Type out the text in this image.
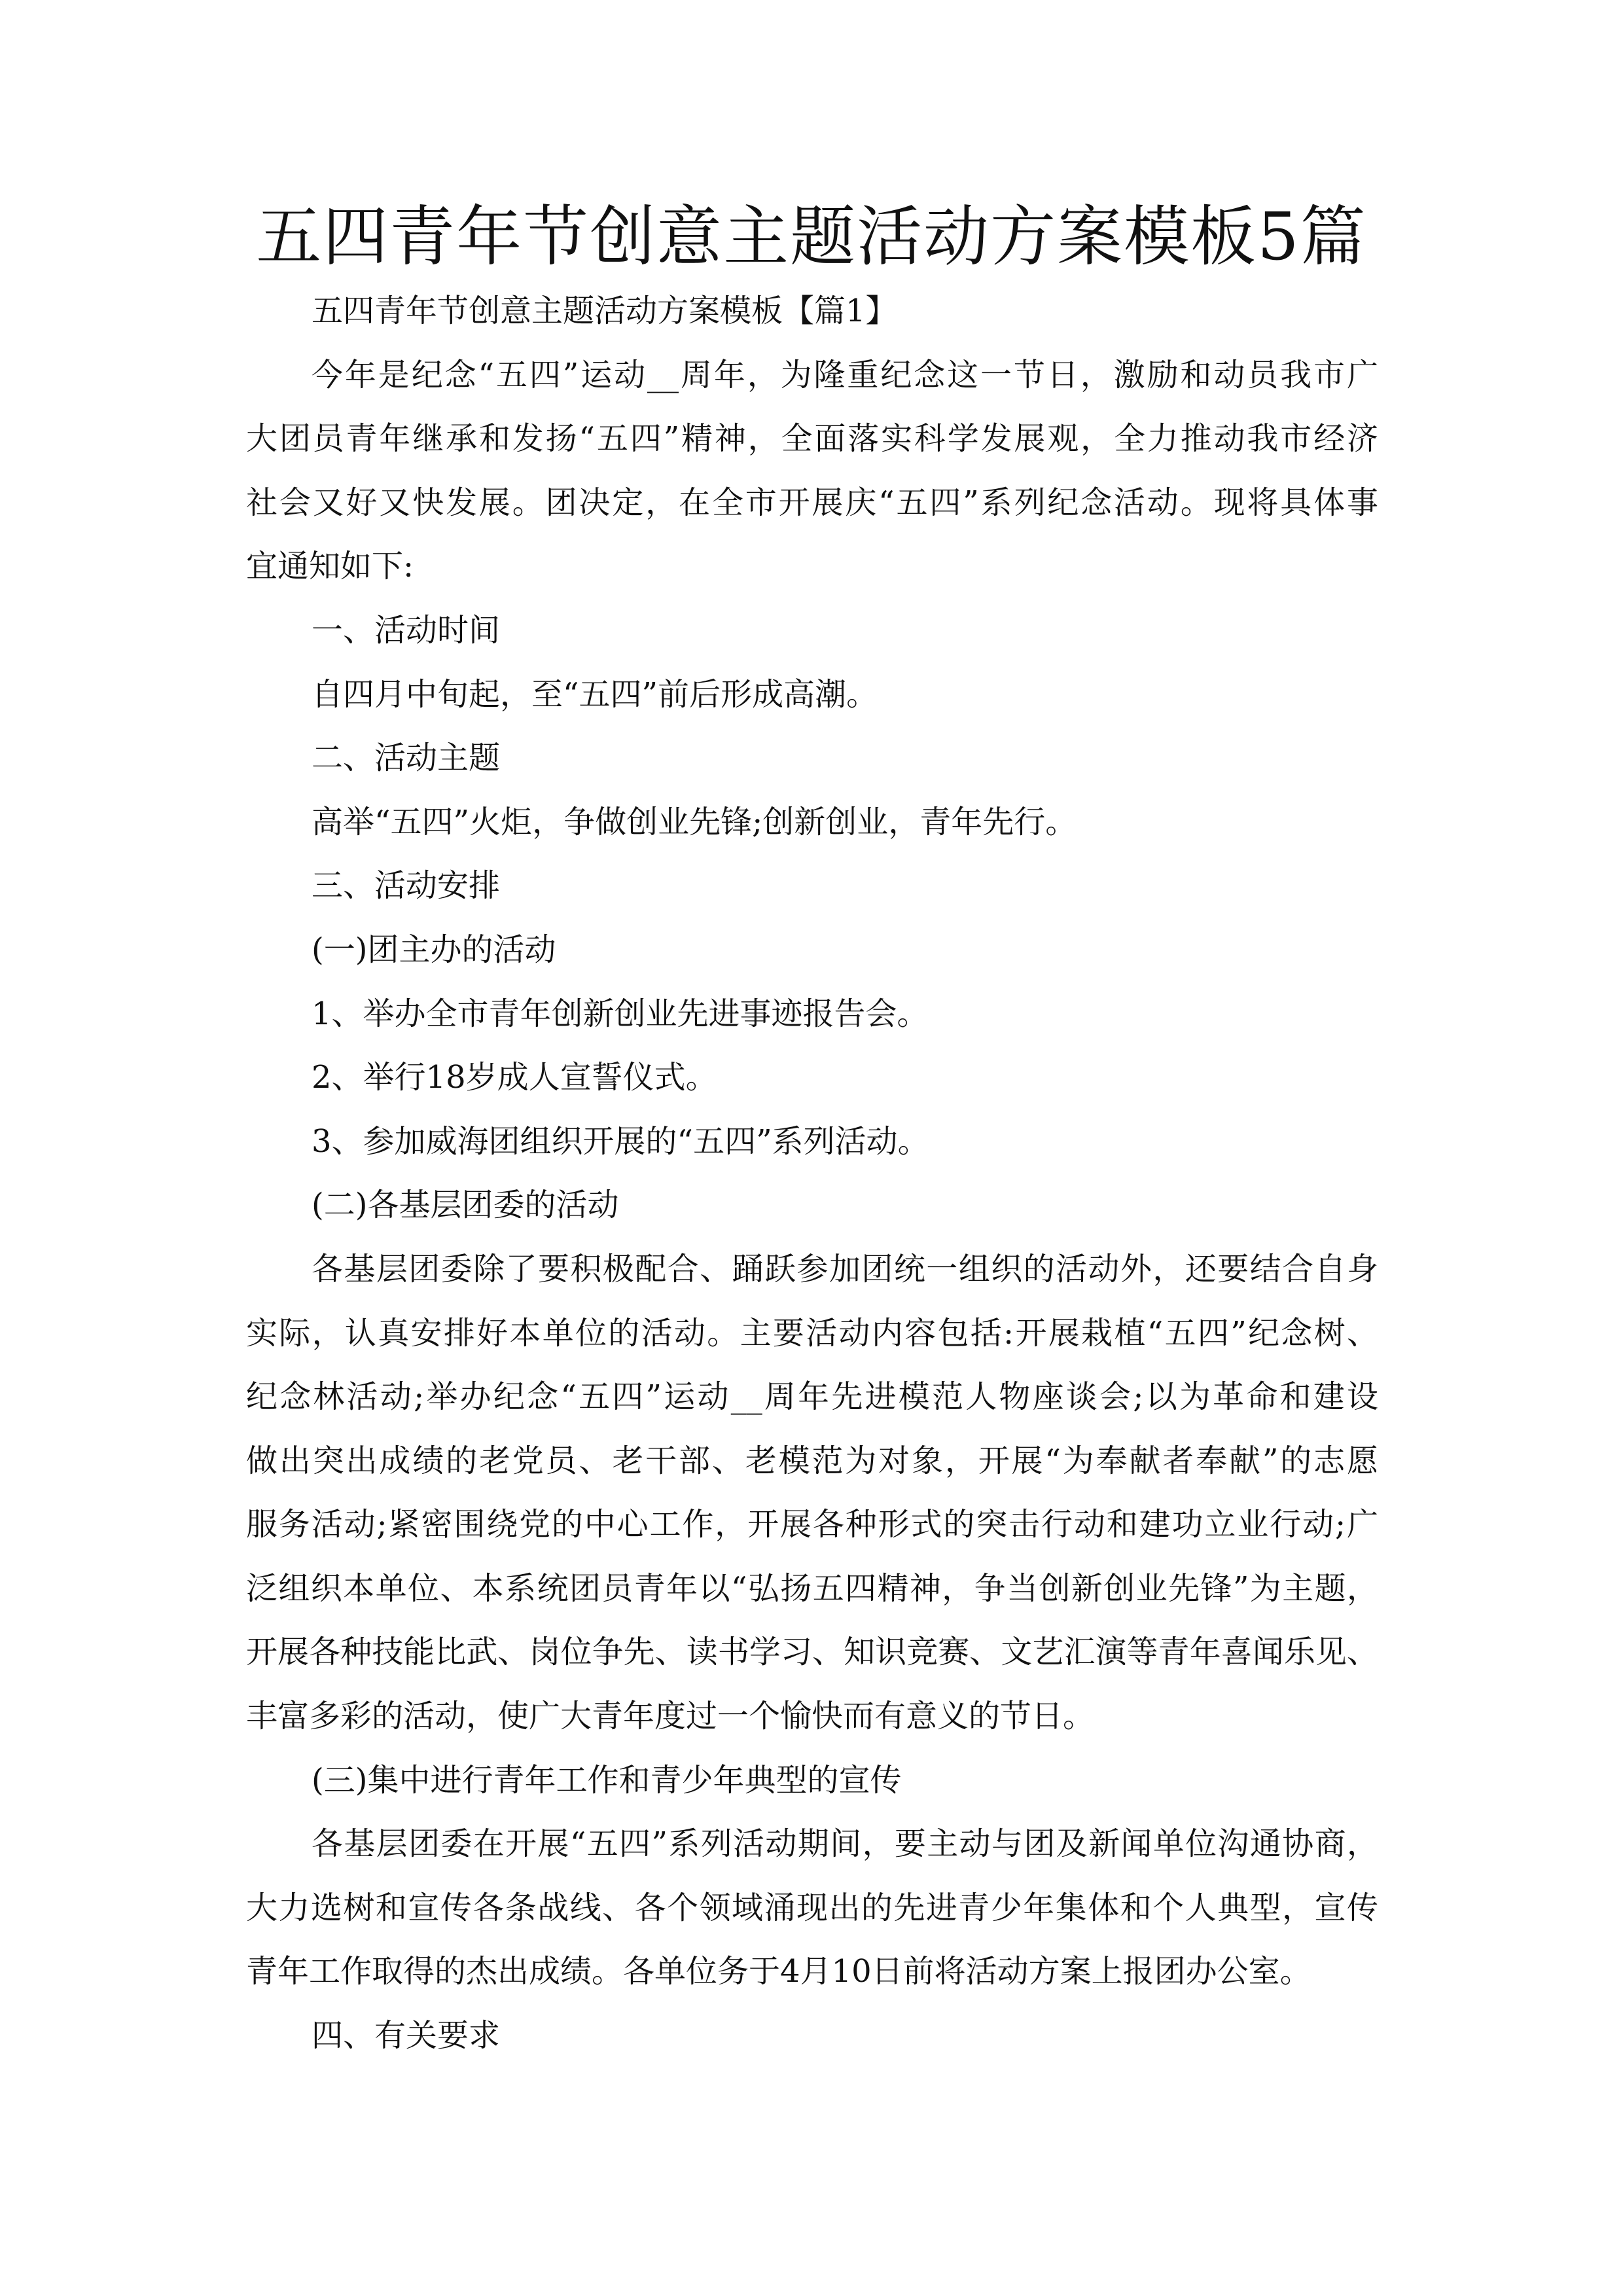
五四青年节创意主题活动方案模板5篇
五四青年节创意主题活动方案模板【篇1】
今年是纪念“五四”运动__周年，为隆重纪念这一节日，激励和动员我市广
大团员青年继承和发扬“五四”精神，全面落实科学发展观，全力推动我市经济
社会又好又快发展。团决定，在全市开展庆“五四”系列纪念活动。现将具体事
宜通知如下:
一、活动时间
自四月中旬起，至“五四”前后形成高潮。
二、活动主题
高举“五四”火炬，争做创业先锋;创新创业，青年先行。
三、活动安排
(一)团主办的活动
1、举办全市青年创新创业先进事迹报告会。
2、举行18岁成人宣誓仪式。
3、参加威海团组织开展的“五四”系列活动。
(二)各基层团委的活动
各基层团委除了要积极配合、踊跃参加团统一组织的活动外，还要结合自身
实际，认真安排好本单位的活动。主要活动内容包括:开展栽植“五四”纪念树、
纪念林活动;举办纪念“五四”运动__周年先进模范人物座谈会;以为革命和建设
做出突出成绩的老党员、老干部、老模范为对象，开展“为奉献者奉献”的志愿
服务活动;紧密围绕党的中心工作，开展各种形式的突击行动和建功立业行动;广
泛组织本单位、本系统团员青年以“弘扬五四精神，争当创新创业先锋”为主题，
开展各种技能比武、岗位争先、读书学习、知识竞赛、文艺汇演等青年喜闻乐见、
丰富多彩的活动，使广大青年度过一个愉快而有意义的节日。
(三)集中进行青年工作和青少年典型的宣传
各基层团委在开展“五四”系列活动期间，要主动与团及新闻单位沟通协商，
大力选树和宣传各条战线、各个领域涌现出的先进青少年集体和个人典型，宣传
青年工作取得的杰出成绩。各单位务于4月10日前将活动方案上报团办公室。
四、有关要求
